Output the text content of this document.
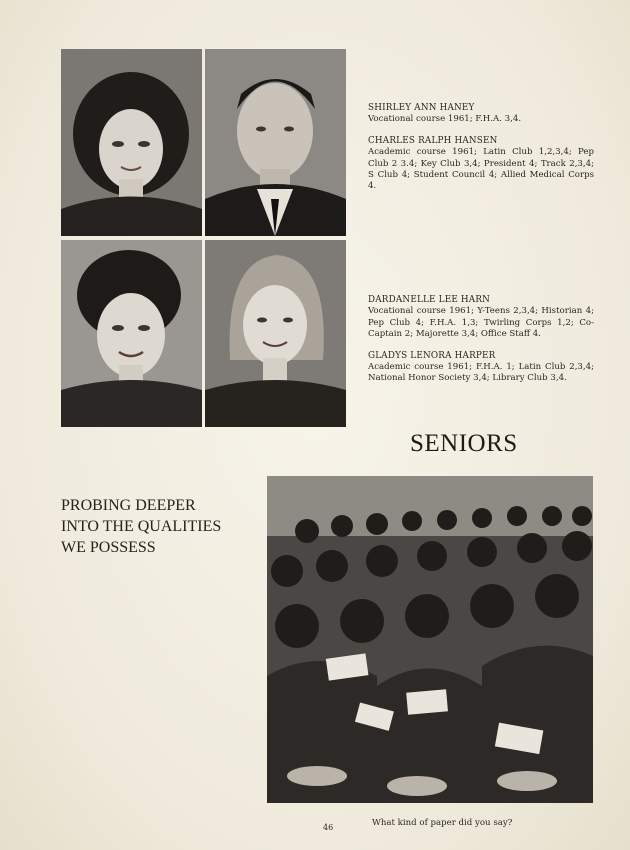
SHIRLEY ANN HANEY
Vocational course 1961; F.H.A. 3,4.
CHARLES RALPH HANSEN
Academic course 1961; Latin Club 1,2,3,4; Pep Club 2 3.4; Key Club 3,4; President 4; Track 2,3,4; S Club 4; Student Council 4; Allied Medical Corps 4.
DARDANELLE LEE HARN
Vocational course 1961; Y-Teens 2,3,4; Historian 4; Pep Club 4; F.H.A. 1,3; Twirling Corps 1,2; Co-Captain 2; Majorette 3,4; Office Staff 4.
GLADYS LENORA HARPER
Academic course 1961; F.H.A. 1; Latin Club 2,3,4; National Honor Society 3,4; Library Club 3,4.
SENIORS
PROBING DEEPER
INTO THE QUALITIES
WE POSSESS
What kind of paper did you say?
46
